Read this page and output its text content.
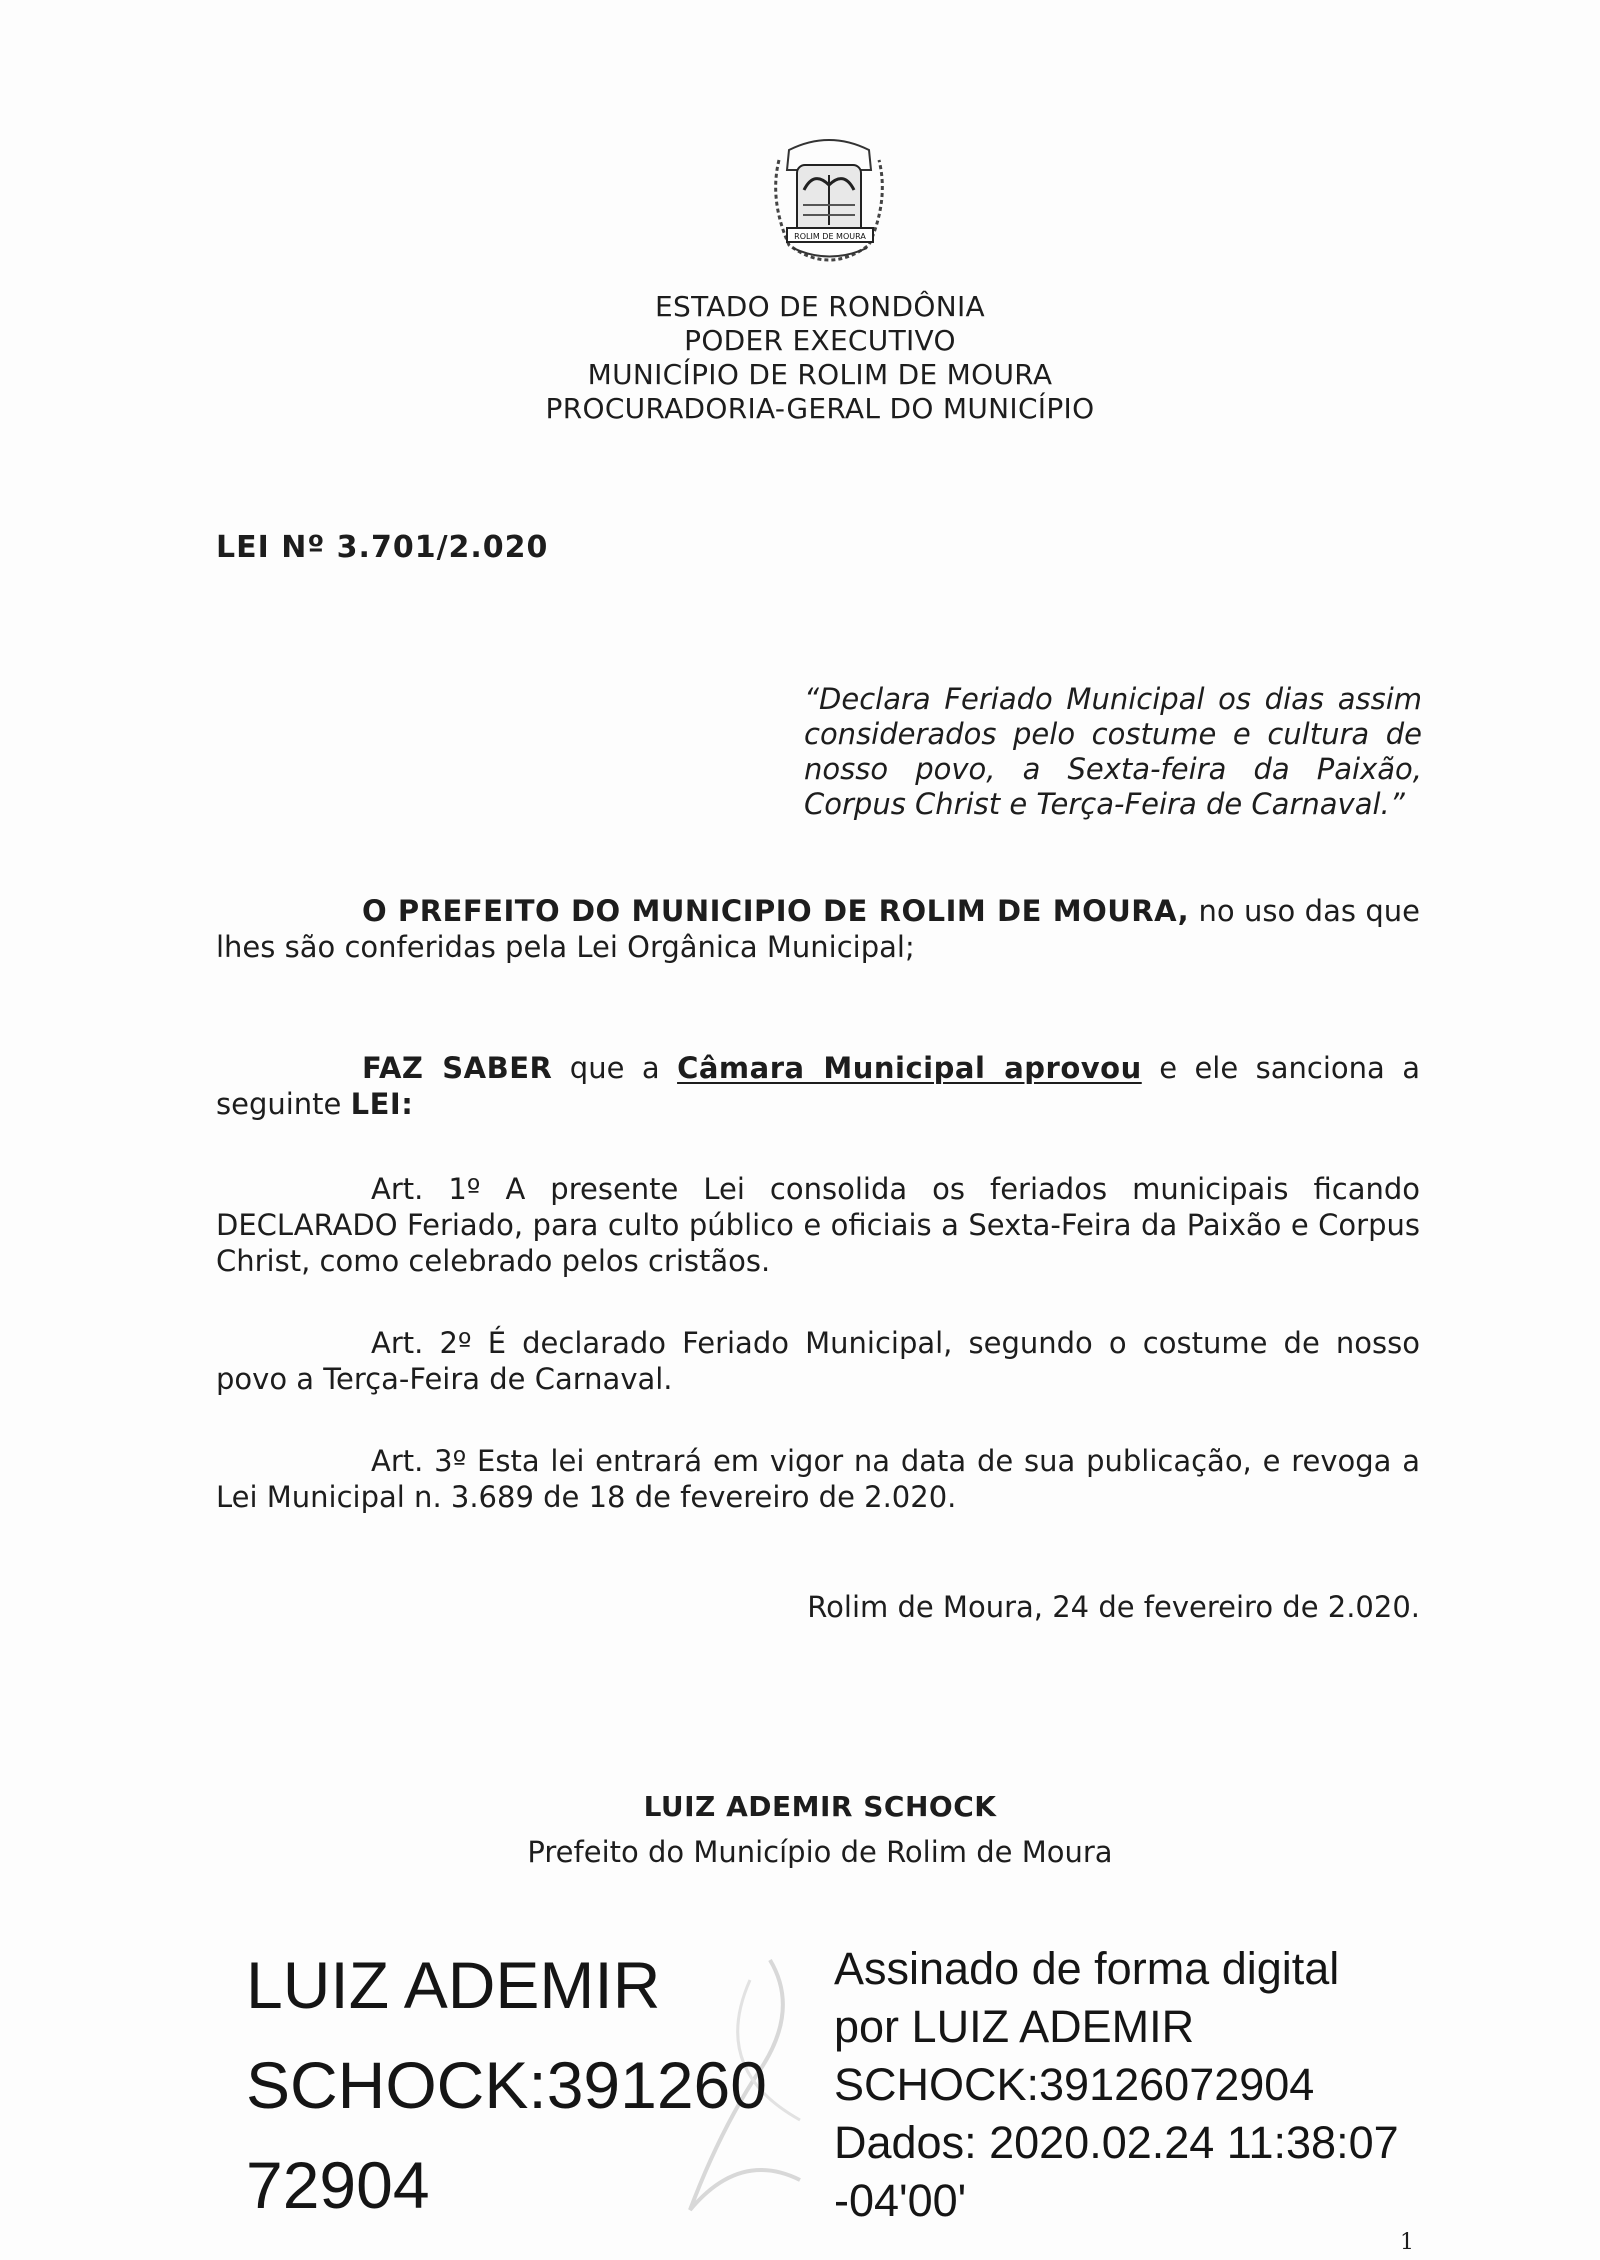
ROLIM DE MOURA
ESTADO DE RONDÔNIA
PODER EXECUTIVO
MUNICÍPIO DE ROLIM DE MOURA
PROCURADORIA-GERAL DO MUNICÍPIO
LEI Nº 3.701/2.020
“Declara Feriado Municipal os dias assim considerados pelo costume e cultura de nosso povo, a Sexta-feira da Paixão, Corpus Christ e Terça-Feira de Carnaval.”
O PREFEITO DO MUNICIPIO DE ROLIM DE MOURA, no uso das que lhes são conferidas pela Lei Orgânica Municipal;
FAZ SABER que a Câmara Municipal aprovou e ele sanciona a seguinte LEI:
Art. 1º A presente Lei consolida os feriados municipais ficando DECLARADO Feriado, para culto público e oficiais a Sexta-Feira da Paixão e Corpus Christ, como celebrado pelos cristãos.
Art. 2º É declarado Feriado Municipal, segundo o costume de nosso povo a Terça-Feira de Carnaval.
Art. 3º Esta lei entrará em vigor na data de sua publicação, e revoga a Lei Municipal n. 3.689 de 18 de fevereiro de 2.020.
Rolim de Moura, 24 de fevereiro de 2.020.
LUIZ ADEMIR SCHOCK
Prefeito do Município de Rolim de Moura
LUIZ ADEMIR
SCHOCK:391260
72904
Assinado de forma digital
por LUIZ ADEMIR
SCHOCK:39126072904
Dados: 2020.02.24 11:38:07
-04'00'
1
